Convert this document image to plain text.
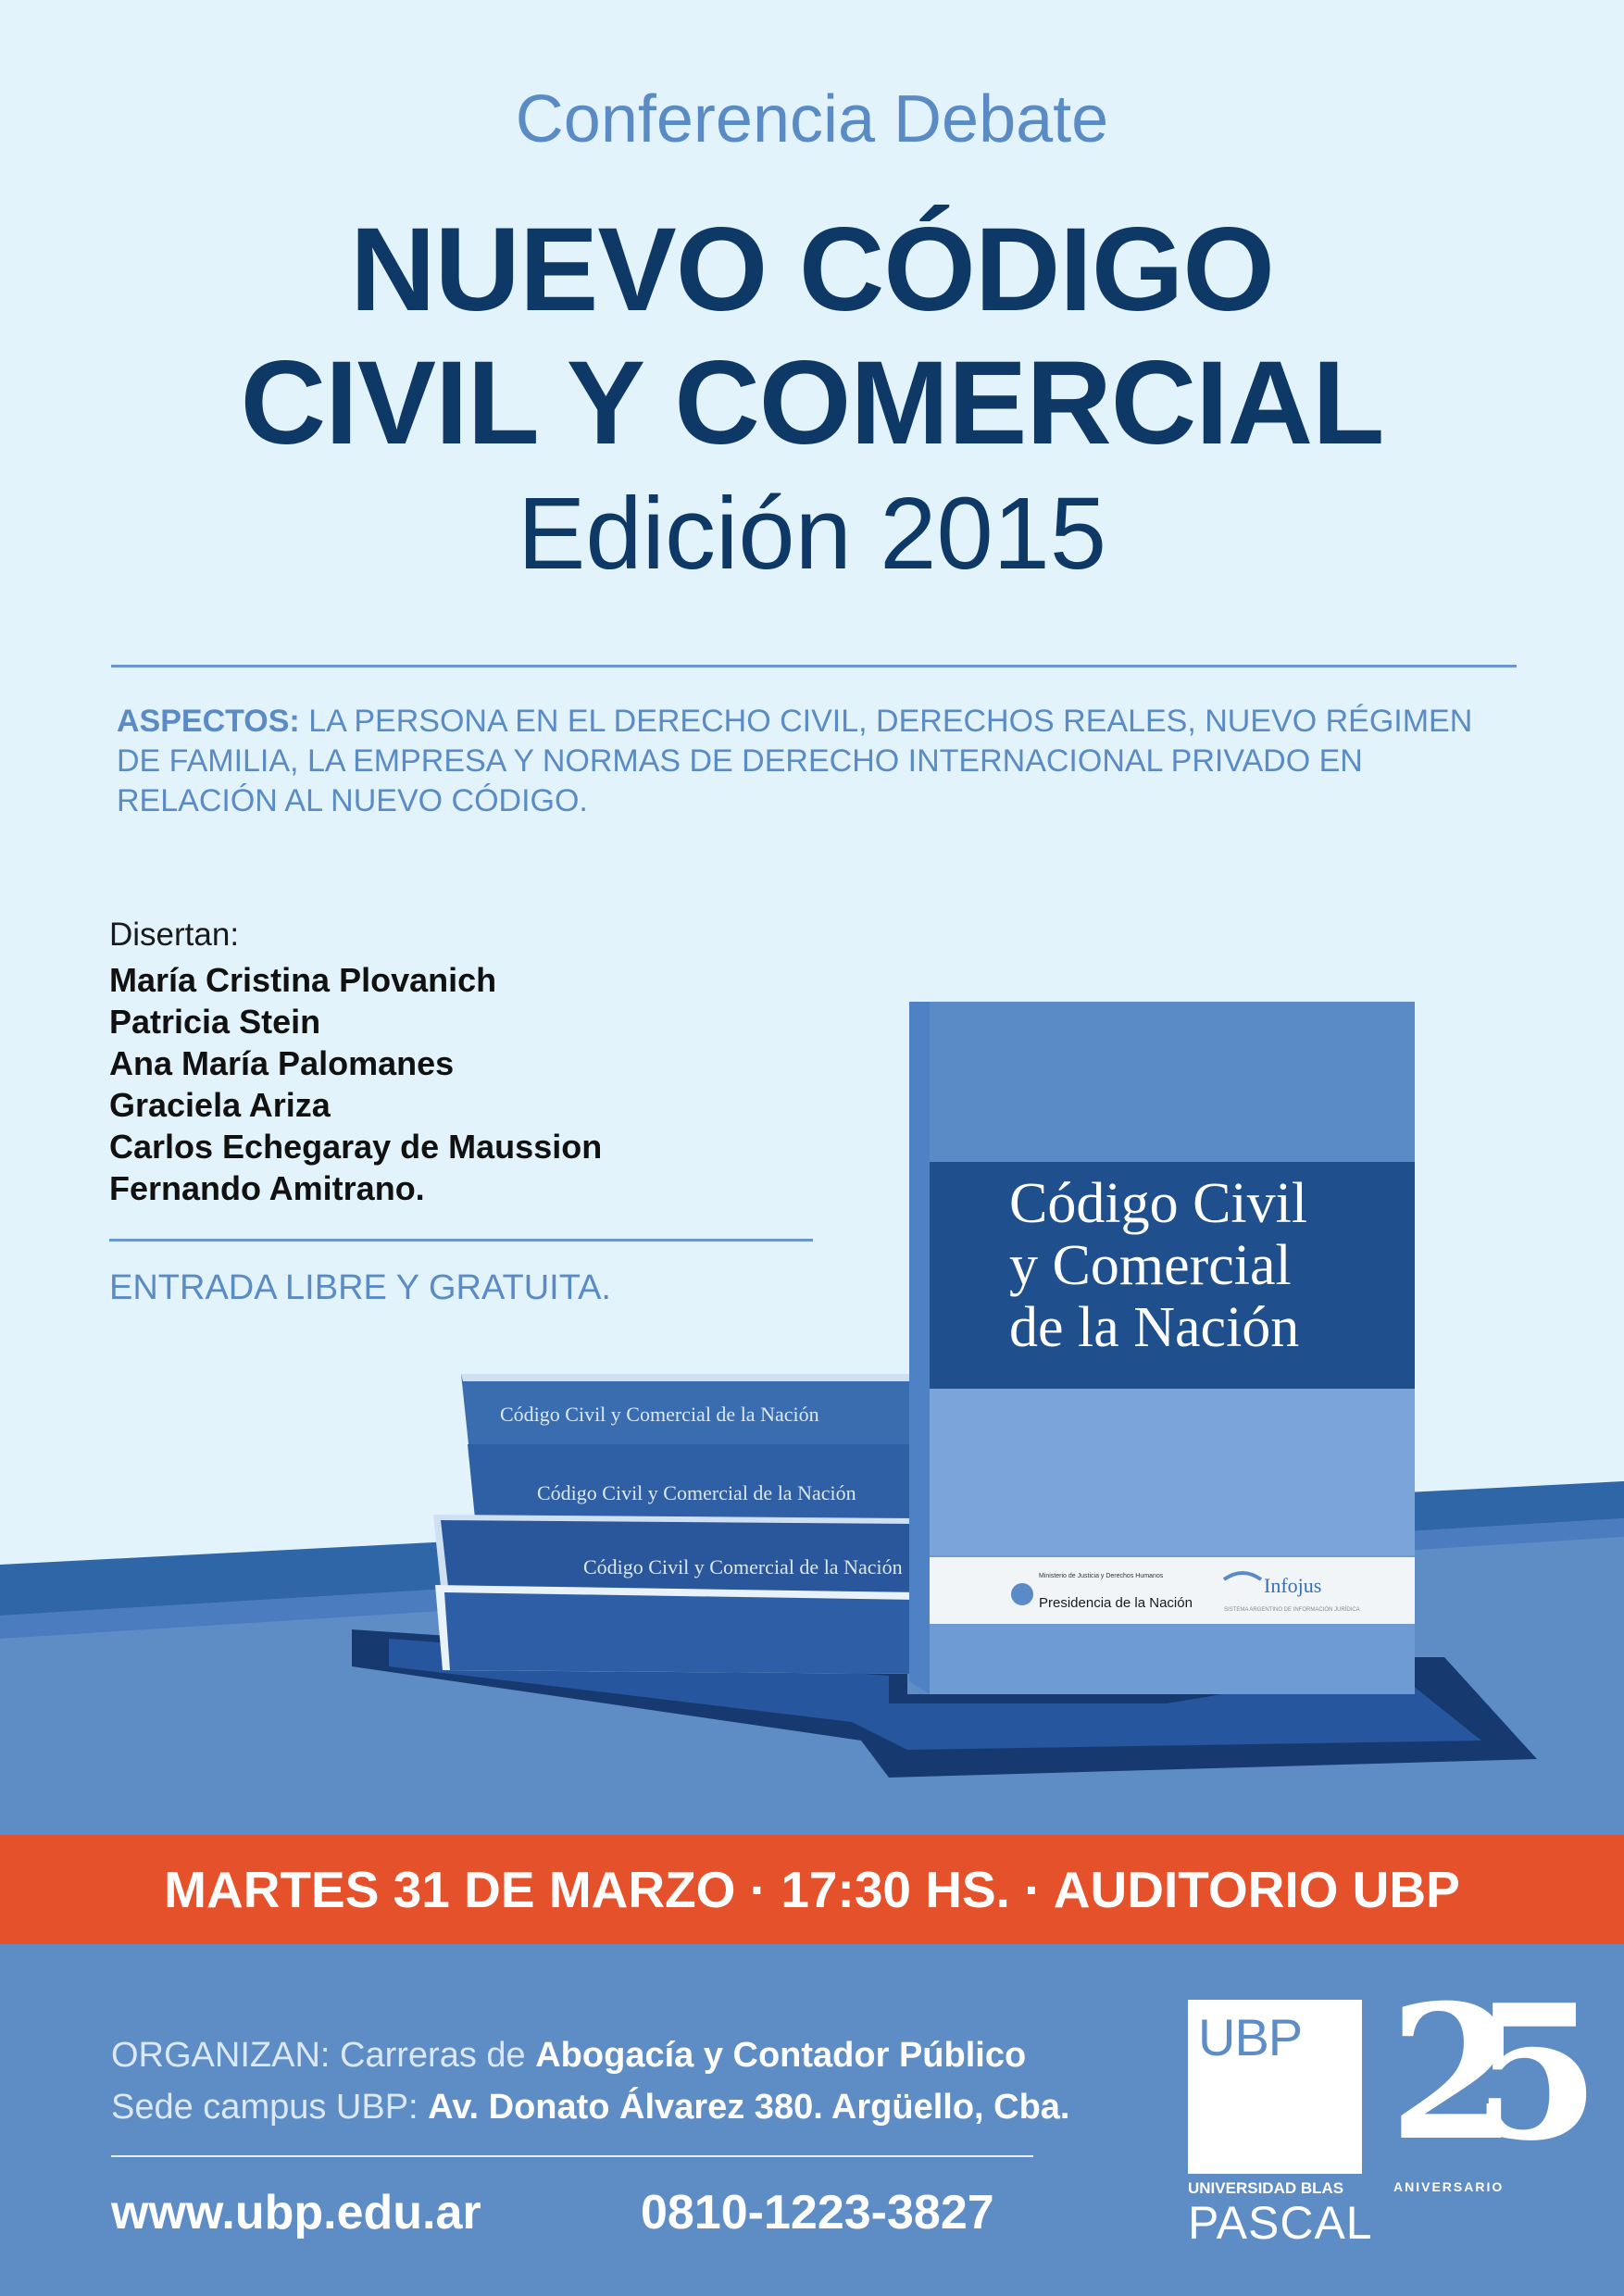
Conferencia Debate
NUEVO CÓDIGO
CIVIL Y COMERCIAL
Edición 2015
ASPECTOS: LA PERSONA EN EL DERECHO CIVIL, DERECHOS REALES, NUEVO RÉGIMEN DE FAMILIA, LA EMPRESA Y NORMAS DE DERECHO INTERNACIONAL PRIVADO EN RELACIÓN AL NUEVO CÓDIGO.
Disertan:
María Cristina Plovanich
Patricia Stein
Ana María Palomanes
Graciela Ariza
Carlos Echegaray de Maussion
Fernando Amitrano.
ENTRADA LIBRE Y GRATUITA.
Código Civil y Comercial de la Nación
Código Civil y Comercial de la Nación
Código Civil y Comercial de la Nación
Código Civil
y Comercial
de la Nación
Ministerio de Justicia y Derechos Humanos
Presidencia de la Nación
Infojus
SISTEMA ARGENTINO DE INFORMACIÓN JURÍDICA
MARTES 31 DE MARZO · 17:30 HS. · AUDITORIO UBP
ORGANIZAN: Carreras de Abogacía y Contador Público
Sede campus UBP: Av. Donato Álvarez 380. Argüello, Cba.
www.ubp.edu.ar	0810-1223-3827
UBP
UNIVERSIDAD BLAS
PASCAL
25
ANIVERSARIO
